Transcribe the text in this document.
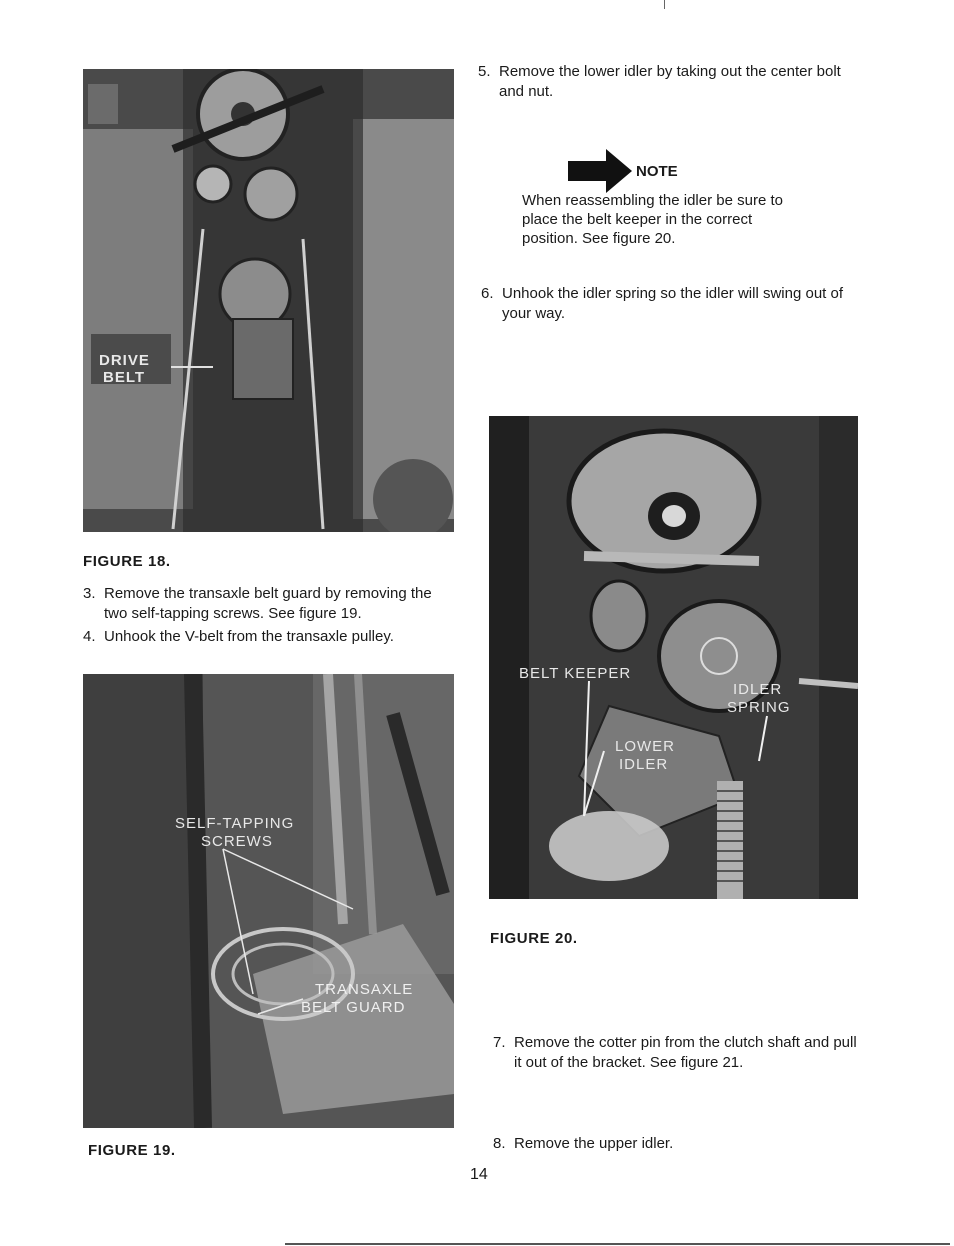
DRIVE
BELT
FIGURE 18.
3. Remove the transaxle belt guard by removing the two self-tapping screws. See figure 19.
4. Unhook the V-belt from the transaxle pulley.
SELF-TAPPING
SCREWS
TRANSAXLE
BELT GUARD
FIGURE 19.
5. Remove the lower idler by taking out the center bolt and nut.
NOTE
When reassembling the idler be sure to place the belt keeper in the correct position. See figure 20.
6. Unhook the idler spring so the idler will swing out of your way.
BELT KEEPER
IDLER
SPRING
LOWER
IDLER
FIGURE 20.
7. Remove the cotter pin from the clutch shaft and pull it out of the bracket. See figure 21.
8. Remove the upper idler.
14
